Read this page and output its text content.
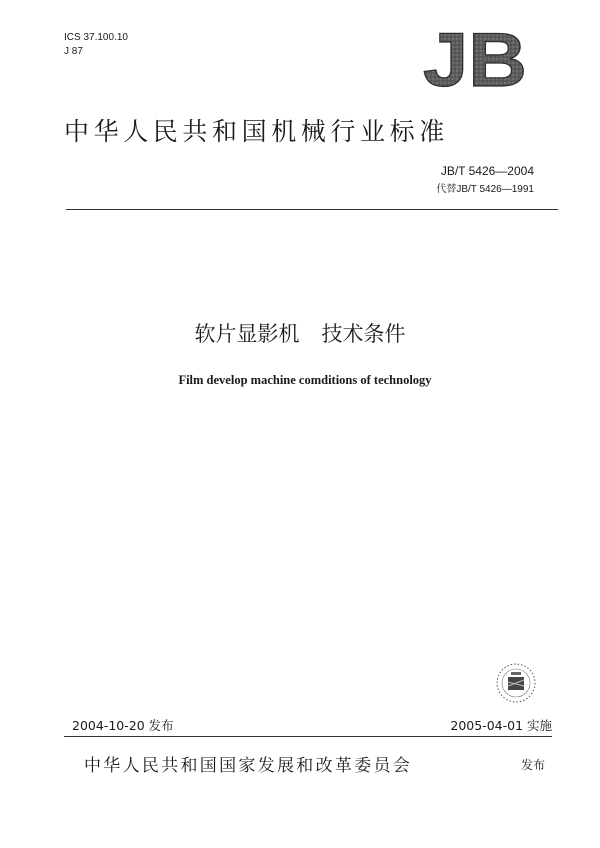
ICS 37.100.10
J 87	JB
中华人民共和国机械行业标准
JB/T 5426—2004
代替JB/T 5426—1991
软片显影机 技术条件
Film develop machine comditions of technology
2004-10-20 发布	2005-04-01 实施
中华人民共和国国家发展和改革委员会	发布
